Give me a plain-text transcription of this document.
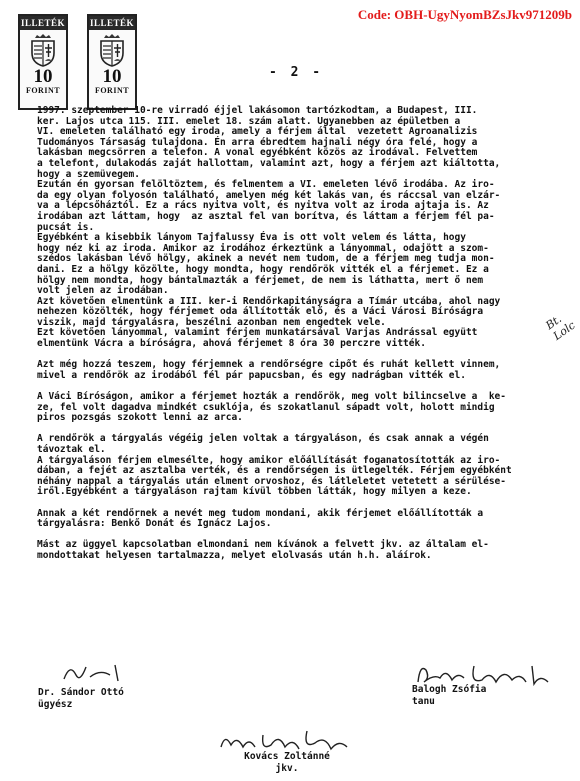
Code: OBH-UgyNyomBZsJkv971209b
ILLETÉK
10
FORINT
ILLETÉK
10
FORINT
- 2 -
1997. szeptember 10-re virradó éjjel lakásomon tartózkodtam, a Budapest, III.
ker. Lajos utca 115. III. emelet 18. szám alatt. Ugyanebben az épületben a
VI. emeleten található egy iroda, amely a férjem által  vezetett Agroanalizis
Tudományos Társaság tulajdona. Én arra ébredtem hajnali négy óra felé, hogy a
lakásban megcsörren a telefon. A vonal egyébként közös az irodával. Felvettem
a telefont, dulakodás zaját hallottam, valamint azt, hogy a férjem azt kiáltotta,
hogy a szemüvegem.
Ezután én gyorsan felöltöztem, és felmentem a VI. emeleten lévő irodába. Az iro-
da egy olyan folyosón található, amelyen még két lakás van, és ráccsal van elzár-
va a lépcsőháztól. Ez a rács nyitva volt, és nyitva volt az iroda ajtaja is. Az
irodában azt láttam, hogy  az asztal fel van borítva, és láttam a férjem fél pa-
pucsát is.
Egyébként a kisebbik lányom Tajfalussy Éva is ott volt velem és látta, hogy
hogy néz ki az iroda. Amikor az irodához érkeztünk a lányommal, odajött a szom-
szédos lakásban lévő hölgy, akinek a nevét nem tudom, de a férjem meg tudja mon-
dani. Ez a hölgy közölte, hogy mondta, hogy rendőrök vitték el a férjemet. Ez a
hölgy nem mondta, hogy bántalmazták a férjemet, de nem is láthatta, mert ő nem
volt jelen az irodában.
Azt követően elmentünk a III. ker-i Rendőrkapitányságra a Tímár utcába, ahol nagy
nehezen közölték, hogy férjemet oda állították elő, és a Váci Városi Bíróságra
viszik, majd tárgyalásra, beszélni azonban nem engedtek vele.
Ezt követően lányommal, valamint férjem munkatársával Varjas Andrással együtt
elmentünk Vácra a bíróságra, ahová férjemet 8 óra 30 perczre vitték.
Azt még hozzá teszem, hogy férjemnek a rendőrségre cipőt és ruhát kellett vinnem,
mivel a rendőrök az irodából fél pár papucsban, és egy nadrágban vitték el.
A Váci Bíróságon, amikor a férjemet hozták a rendőrök, meg volt bilincselve a  ke-
ze, fel volt dagadva mindkét csuklója, és szokatlanul sápadt volt, holott mindig
piros pozsgás szokott lenni az arca.
A rendőrök a tárgyalás végéig jelen voltak a tárgyaláson, és csak annak a végén
távoztak el.
A tárgyaláson férjem elmesélte, hogy amikor előállítását foganatosították az iro-
dában, a fejét az asztalba verték, és a rendőrségen is ütlegelték. Férjem egyébként
néhány nappal a tárgyalás után elment orvoshoz, és látleletet vetetett a sérülése-
iről.Egyébként a tárgyaláson rajtam kívül többen látták, hogy milyen a keze.
Annak a két rendőrnek a nevét meg tudom mondani, akik férjemet előállították a
tárgyalásra: Benkő Donát és Ignácz Lajos.
Mást az üggyel kapcsolatban elmondani nem kívánok a felvett jkv. az általam el-
mondottakat helyesen tartalmazza, melyet elolvasás után h.h. aláírok.
Bt. Lolc
Dr. Sándor Ottó
ügyész
Balogh Zsófia
tanu
Kovács Zoltánné
jkv.
